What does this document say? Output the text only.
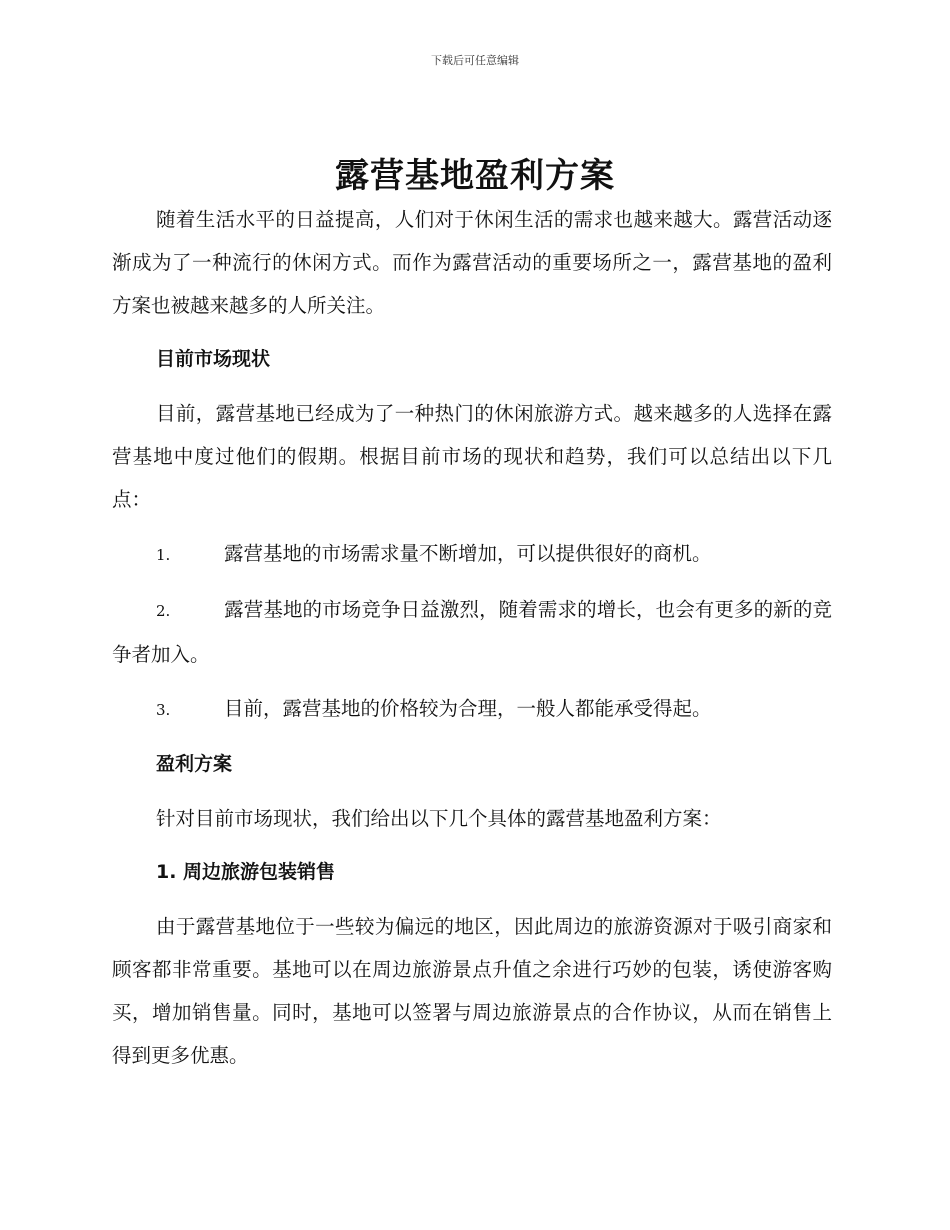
下载后可任意编辑
露营基地盈利方案

随着生活水平的日益提高，人们对于休闲生活的需求也越来越大。露营活动逐渐成为了一种流行的休闲方式。而作为露营活动的重要场所之一，露营基地的盈利方案也被越来越多的人所关注。

目前市场现状

目前，露营基地已经成为了一种热门的休闲旅游方式。越来越多的人选择在露营基地中度过他们的假期。根据目前市场的现状和趋势，我们可以总结出以下几点：

1.	露营基地的市场需求量不断增加，可以提供很好的商机。

2.	露营基地的市场竞争日益激烈，随着需求的增长，也会有更多的新的竞争者加入。

3.	目前，露营基地的价格较为合理，一般人都能承受得起。

盈利方案

针对目前市场现状，我们给出以下几个具体的露营基地盈利方案：

1. 周边旅游包装销售

由于露营基地位于一些较为偏远的地区，因此周边的旅游资源对于吸引商家和顾客都非常重要。基地可以在周边旅游景点升值之余进行巧妙的包装，诱使游客购买，增加销售量。同时，基地可以签署与周边旅游景点的合作协议，从而在销售上得到更多优惠。
